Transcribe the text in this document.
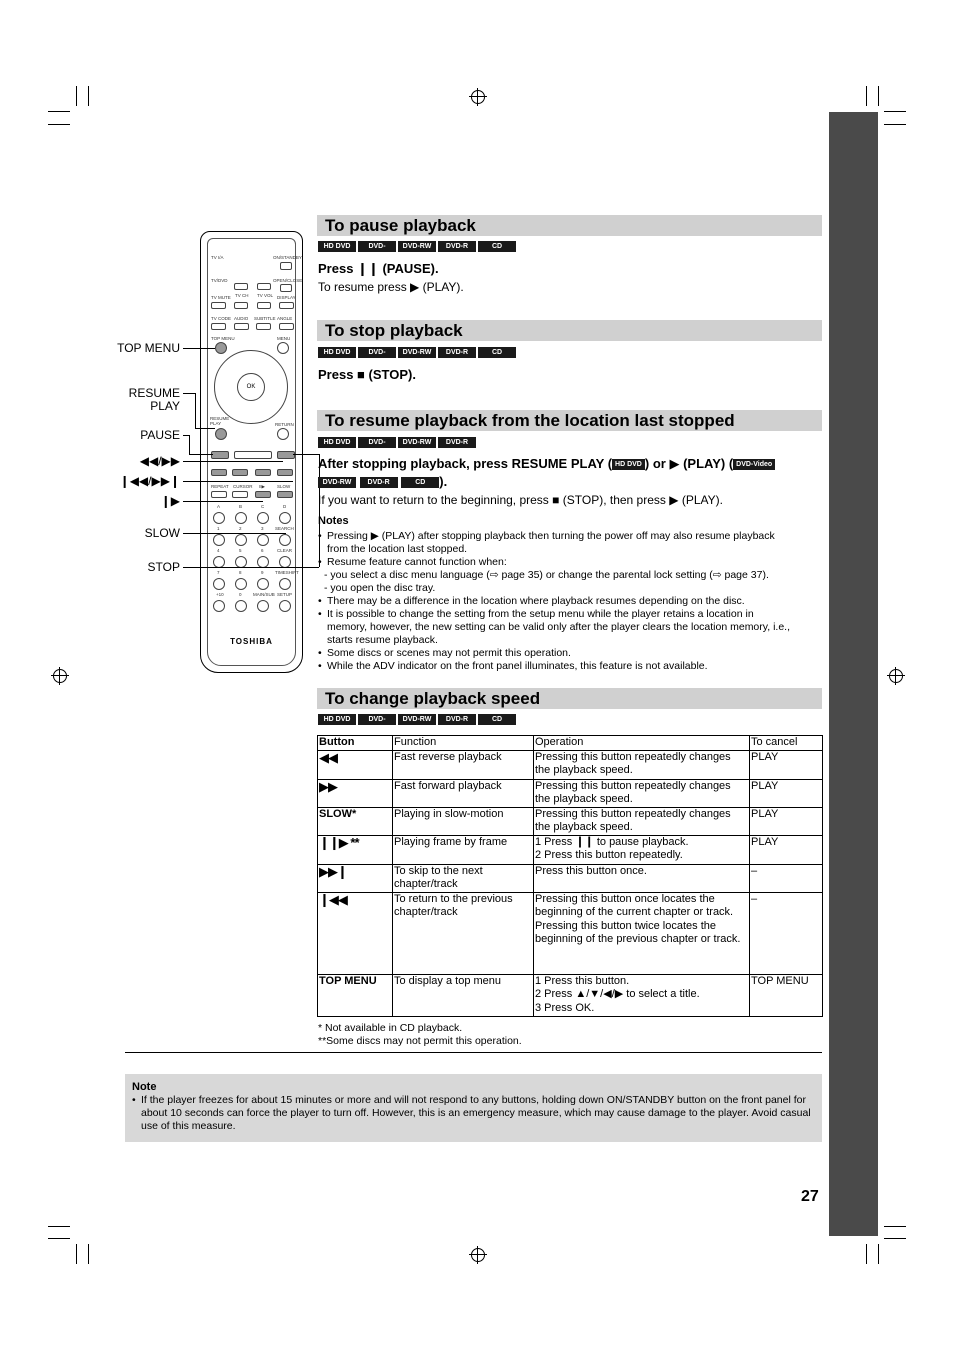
TV I/А	ON/STANDBY
TV/DVD	OPEN/CLOSE
TV MUTE TV CH TV VOL DISPLAY
TV CODE AUDIO SUBTITLE ANGLE
TOP MENU	MENU
OK
RESUME PLAY	RETURN
REPEAT CURSOR II▶	SLOW
A	B	C	D
1	2	3	SEARCH
4	5	6	CLEAR
7	8	9	TIMESHIFT
+10	0	MAIN/SUB SETUP
TOSHIBA
TOP MENU
RESUME
PLAY
PAUSE
◀◀/▶▶
❙◀◀/▶▶❙
❙▶
SLOW
STOP
To pause playback
HD DVD	DVD-Video
DVD-RW	DVD-R	CD
Press ❙❙ (PAUSE).
To resume press ▶ (PLAY).
To stop playback
HD DVD	DVD-Video
DVD-RW	DVD-R	CD
Press ■ (STOP).
To resume playback from the location last stopped
HD DVD	DVD-Video
DVD-RW	DVD-R
After stopping playback, press RESUME PLAY ( HD DVD ) or ▶ (PLAY) ( DVD-Video
DVD-RW DVD-R	CD ).
If you want to return to the beginning, press ■ (STOP), then press ▶ (PLAY).
Notes
• Pressing ▶ (PLAY) after stopping playback then turning the power off may also resume playback
from the location last stopped.
• Resume feature cannot function when:
- you select a disc menu language (⇨ page 35) or change the parental lock setting (⇨ page 37).
- you open the disc tray.
• There may be a difference in the location where playback resumes depending on the disc.
• It is possible to change the setting from the setup menu while the player retains a location in
memory, however, the new setting can be valid only after the player clears the location memory, i.e.,
starts resume playback.
• Some discs or scenes may not permit this operation.
• While the ADV indicator on the front panel illuminates, this feature is not available.
To change playback speed
HD DVD	DVD-Video
DVD-RW	DVD-R	CD
Button	Function	Operation	To cancel
◀◀	Fast reverse playback	Pressing this button repeatedly changes the playback speed.	PLAY
▶▶	Fast forward playback	Pressing this button repeatedly changes the playback speed.	PLAY
SLOW*	Playing in slow-motion	Pressing this button repeatedly changes the playback speed.	PLAY
❙❙▶ **	Playing frame by frame	1 Press ❙❙ to pause playback.
2 Press this button repeatedly.	PLAY
▶▶❙	To skip to the next chapter/track	Press this button once.	–
❙◀◀	To return to the previous chapter/track	Pressing this button once locates the beginning of the current chapter or track.
Pressing this button twice locates the beginning of the previous chapter or track.	–
TOP MENU	To display a top menu	1 Press this button.
2 Press ▲/▼/◀/▶ to select a title.
3 Press OK.	TOP MENU
* Not available in CD playback.
**Some discs may not permit this operation.
Note
• If the player freezes for about 15 minutes or more and will not respond to any buttons, holding down ON/STANDBY button on the front panel for about 10 seconds can force the player to turn off. However, this is an emergency measure, which may cause damage to the player. Avoid casual use of this measure.
27
